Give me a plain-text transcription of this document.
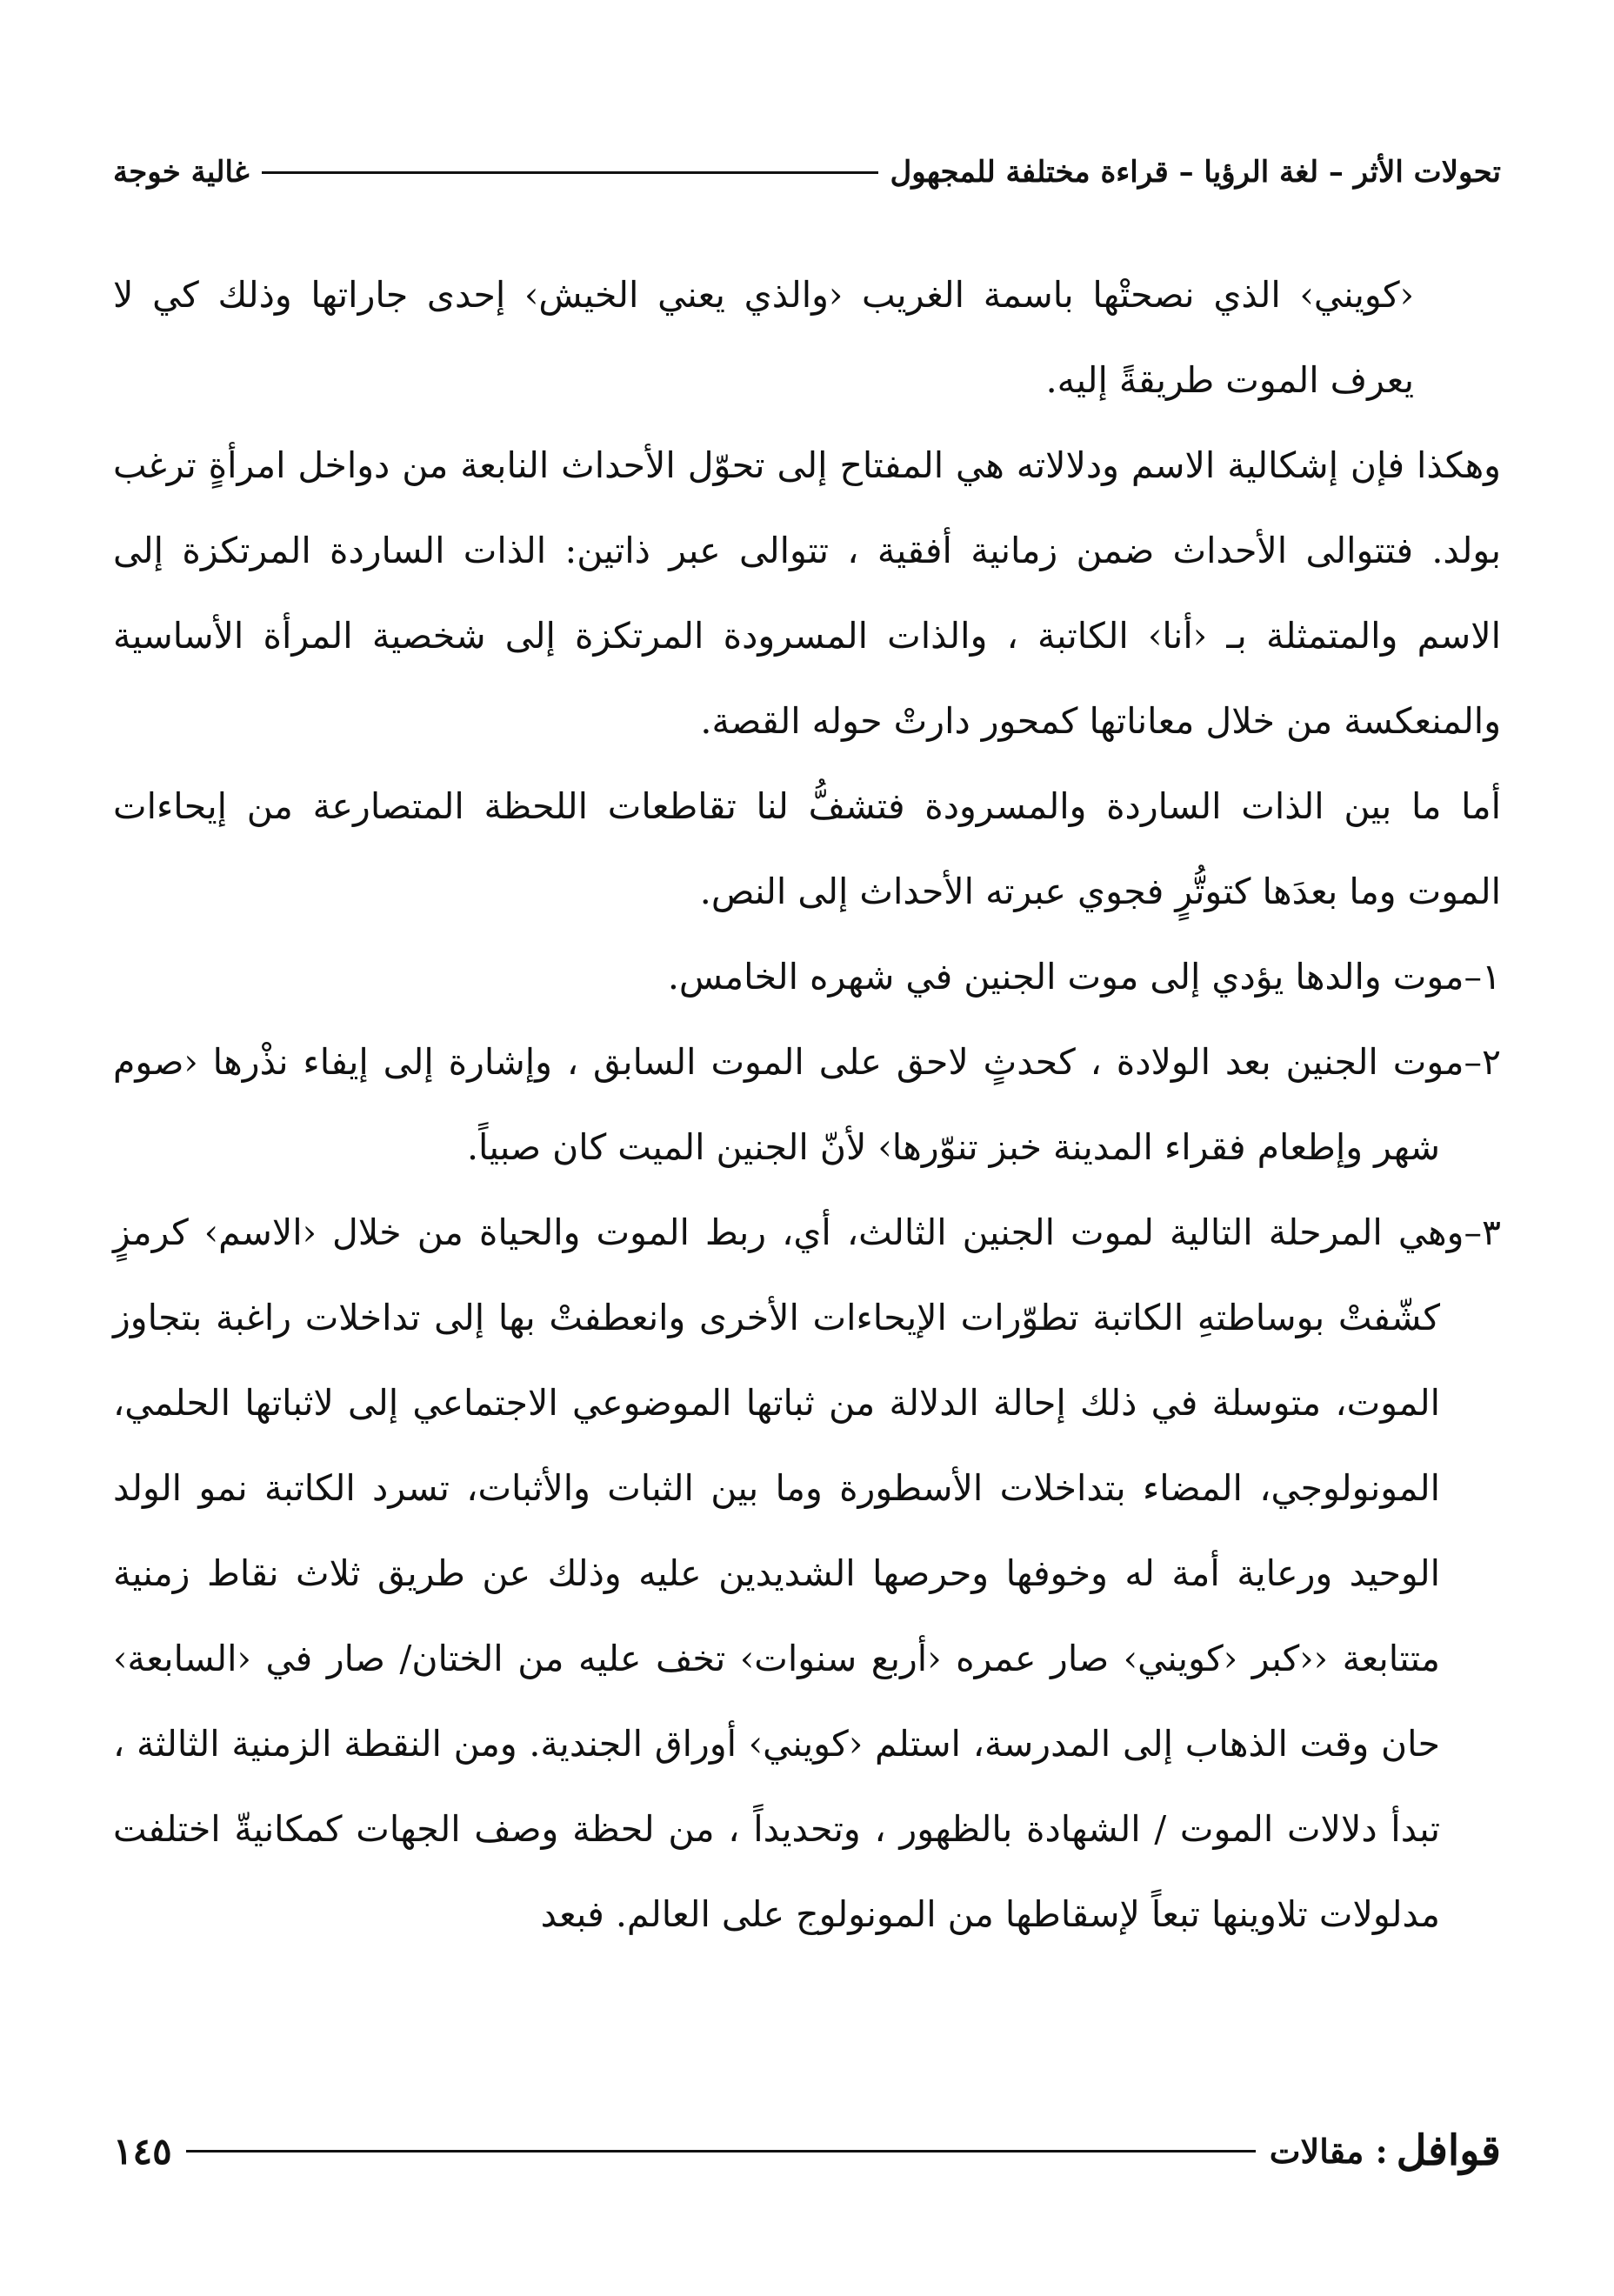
تحولات الأثر – لغة الرؤيا – قراءة مختلفة للمجهول
غالية خوجة

‹كويني› الذي نصحتْها باسمة الغريب ‹والذي يعني الخيش› إحدى جاراتها وذلك كي لا يعرف الموت طريقةً إليه.

وهكذا فإن إشكالية الاسم ودلالاته هي المفتاح إلى تحوّل الأحداث النابعة من دواخل امرأةٍ ترغب بولد. فتتوالى الأحداث ضمن زمانية أفقية ، تتوالى عبر ذاتين: الذات الساردة المرتكزة إلى الاسم والمتمثلة بـ ‹أنا› الكاتبة ، والذات المسرودة المرتكزة إلى شخصية المرأة الأساسية والمنعكسة من خلال معاناتها كمحور دارتْ حوله القصة.

أما ما بين الذات الساردة والمسرودة فتشفُّ لنا تقاطعات اللحظة المتصارعة من إيحاءات الموت وما بعدَها كتوتُّرٍ فجوي عبرته الأحداث إلى النص.

١–موت والدها يؤدي إلى موت الجنين في شهره الخامس.

٢–موت الجنين بعد الولادة ، كحدثٍ لاحق على الموت السابق ، وإشارة إلى إيفاء نذْرها ‹صوم شهر وإطعام فقراء المدينة خبز تنوّرها› لأنّ الجنين الميت كان صبياً.

٣–وهي المرحلة التالية لموت الجنين الثالث، أي، ربط الموت والحياة من خلال ‹الاسم› كرمزٍ كشّفتْ بوساطتهِ الكاتبة تطوّرات الإيحاءات الأخرى وانعطفتْ بها إلى تداخلات راغبة بتجاوز الموت، متوسلة في ذلك إحالة الدلالة من ثباتها الموضوعي الاجتماعي إلى لاثباتها الحلمي، المونولوجي، المضاء بتداخلات الأسطورة وما بين الثبات والأثبات، تسرد الكاتبة نمو الولد الوحيد ورعاية أمة له وخوفها وحرصها الشديدين عليه وذلك عن طريق ثلاث نقاط زمنية متتابعة ‹‹كبر ‹كويني› صار عمره ‹أربع سنوات› تخف عليه من الختان/ صار في ‹السابعة› حان وقت الذهاب إلى المدرسة، استلم ‹كويني› أوراق الجندية. ومن النقطة الزمنية الثالثة ، تبدأ دلالات الموت / الشهادة بالظهور ، وتحديداً ، من لحظة وصف الجهات كمكانيةّ اختلفت مدلولات تلاوينها تبعاً لإسقاطها من المونولوج على العالم. فبعد

قوافل
: مقالات
١٤٥
